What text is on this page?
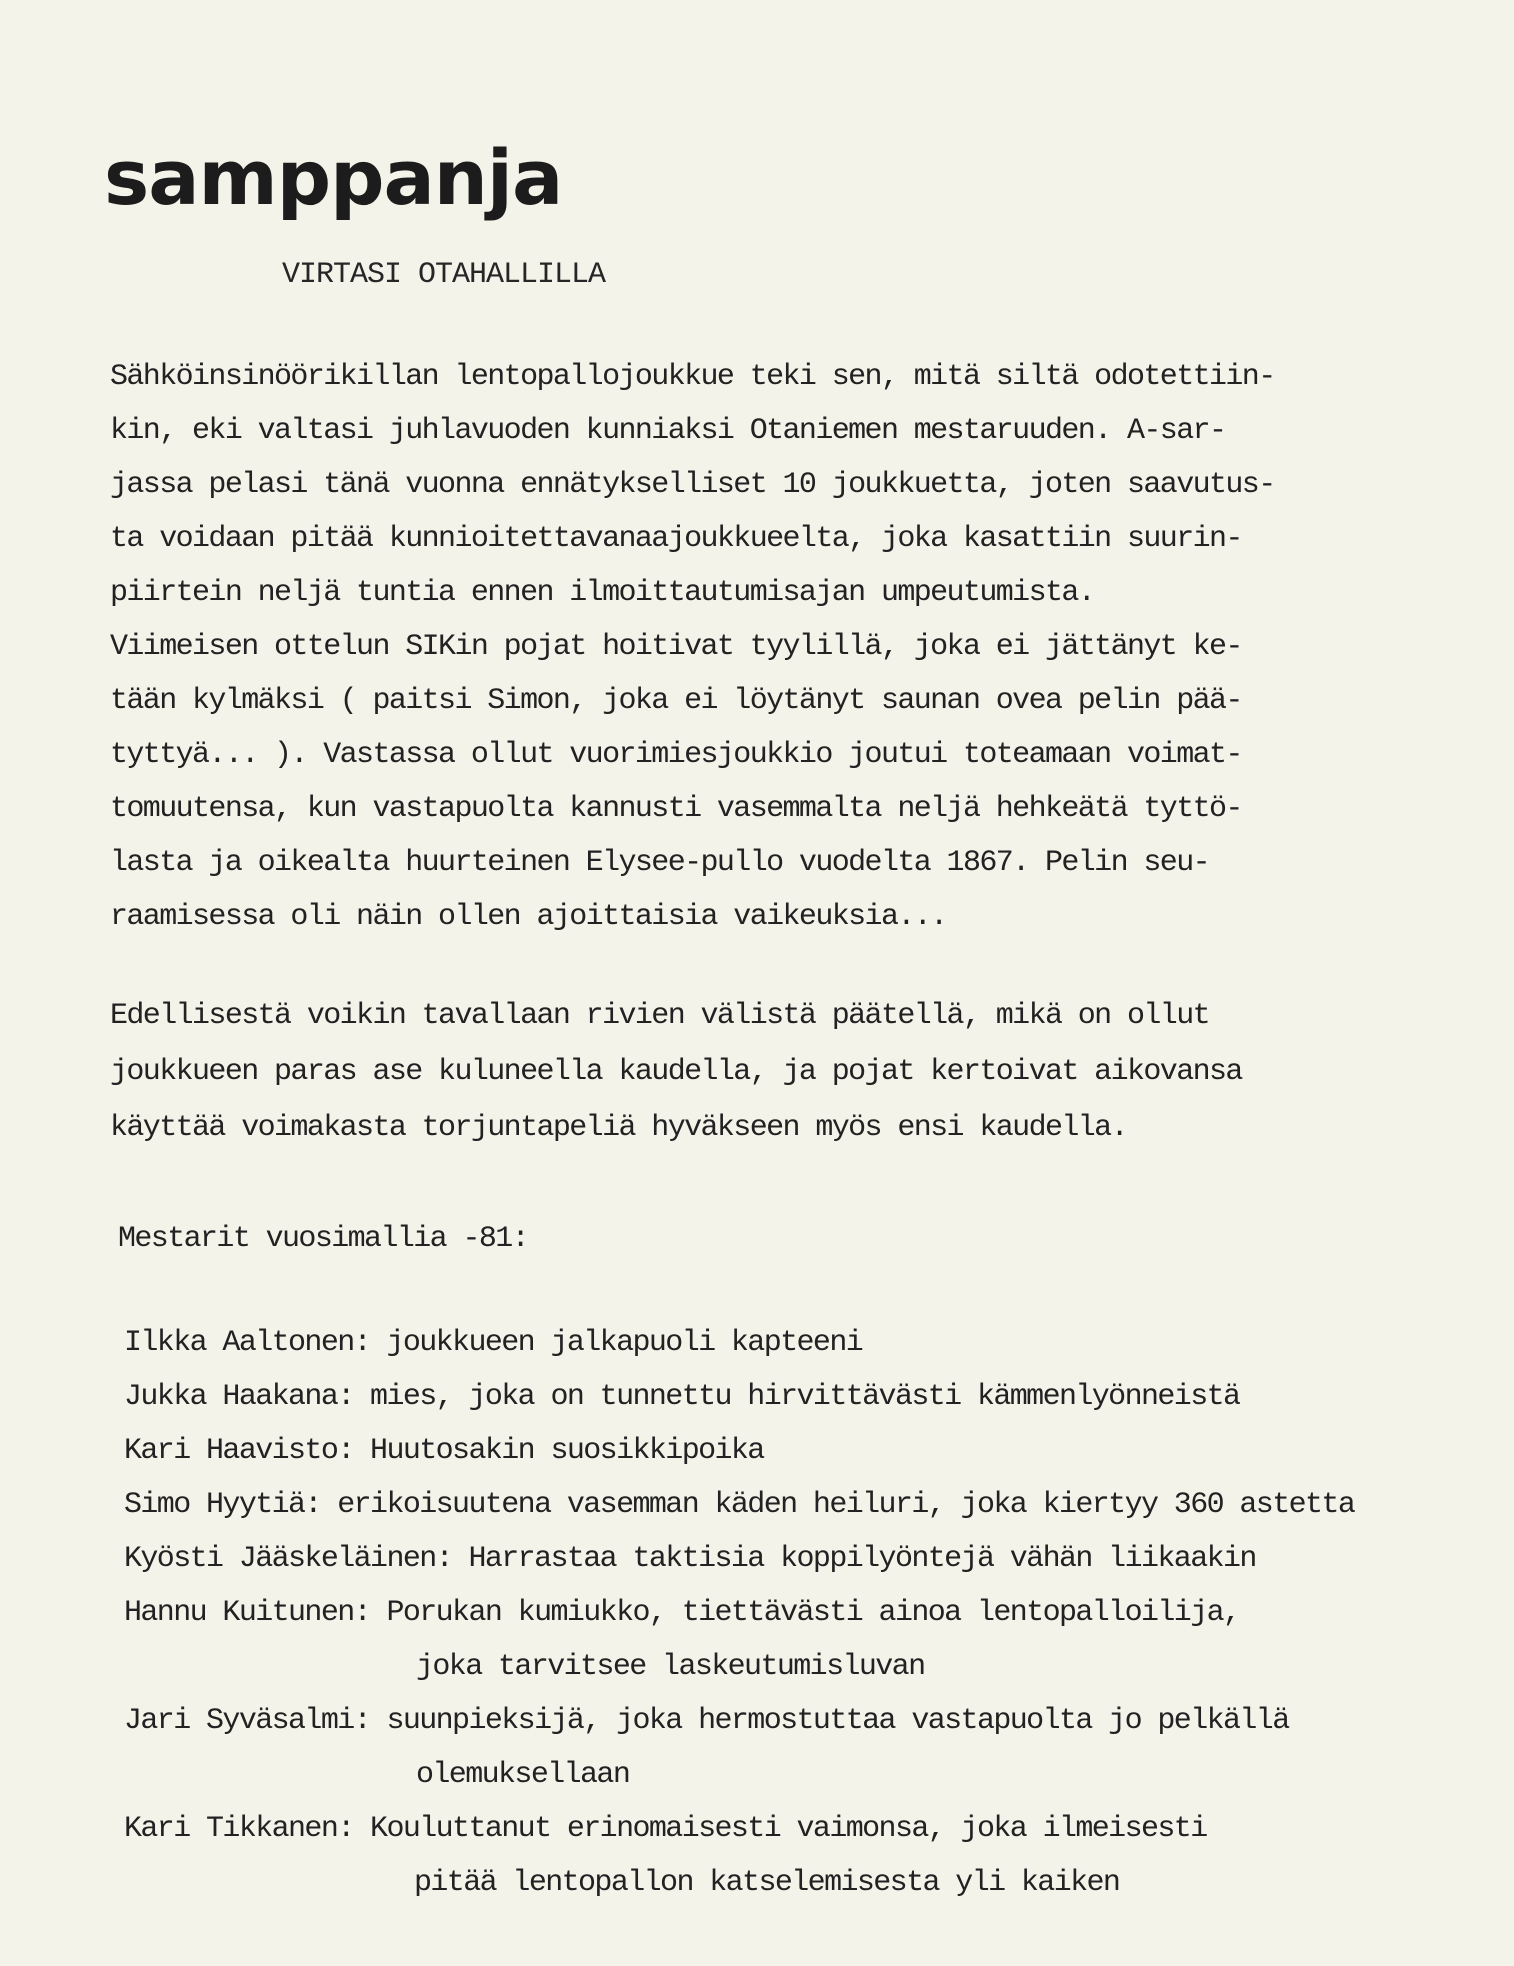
samppanja
VIRTASI OTAHALLILLA
Sähköinsinöörikillan lentopallojoukkue teki sen, mitä siltä odotettiin-
kin, eki valtasi juhlavuoden kunniaksi Otaniemen mestaruuden. A-sar-
jassa pelasi tänä vuonna ennätykselliset 10 joukkuetta, joten saavutus-
ta voidaan pitää kunnioitettavanaajoukkueelta, joka kasattiin suurin-
piirtein neljä tuntia ennen ilmoittautumisajan umpeutumista.
Viimeisen ottelun SIKin pojat hoitivat tyylillä, joka ei jättänyt ke-
tään kylmäksi ( paitsi Simon, joka ei löytänyt saunan ovea pelin pää-
tyttyä... ). Vastassa ollut vuorimiesjoukkio joutui toteamaan voimat-
tomuutensa, kun vastapuolta kannusti vasemmalta neljä hehkeätä tyttö-
lasta ja oikealta huurteinen Elysee-pullo vuodelta 1867. Pelin seu-
raamisessa oli näin ollen ajoittaisia vaikeuksia...
Edellisestä voikin tavallaan rivien välistä päätellä, mikä on ollut
joukkueen paras ase kuluneella kaudella, ja pojat kertoivat aikovansa
käyttää voimakasta torjuntapeliä hyväkseen myös ensi kaudella.
Mestarit vuosimallia -81:
Ilkka Aaltonen: joukkueen jalkapuoli kapteeni
Jukka Haakana: mies, joka on tunnettu hirvittävästi kämmenlyönneistä
Kari Haavisto: Huutosakin suosikkipoika
Simo Hyytiä: erikoisuutena vasemman käden heiluri, joka kiertyy 360 astetta
Kyösti Jääskeläinen: Harrastaa taktisia koppilyöntejä vähän liikaakin
Hannu Kuitunen: Porukan kumiukko, tiettävästi ainoa lentopalloilija,
joka tarvitsee laskeutumisluvan
Jari Syväsalmi: suunpieksijä, joka hermostuttaa vastapuolta jo pelkällä
olemuksellaan
Kari Tikkanen: Kouluttanut erinomaisesti vaimonsa, joka ilmeisesti
pitää lentopallon katselemisesta yli kaiken
